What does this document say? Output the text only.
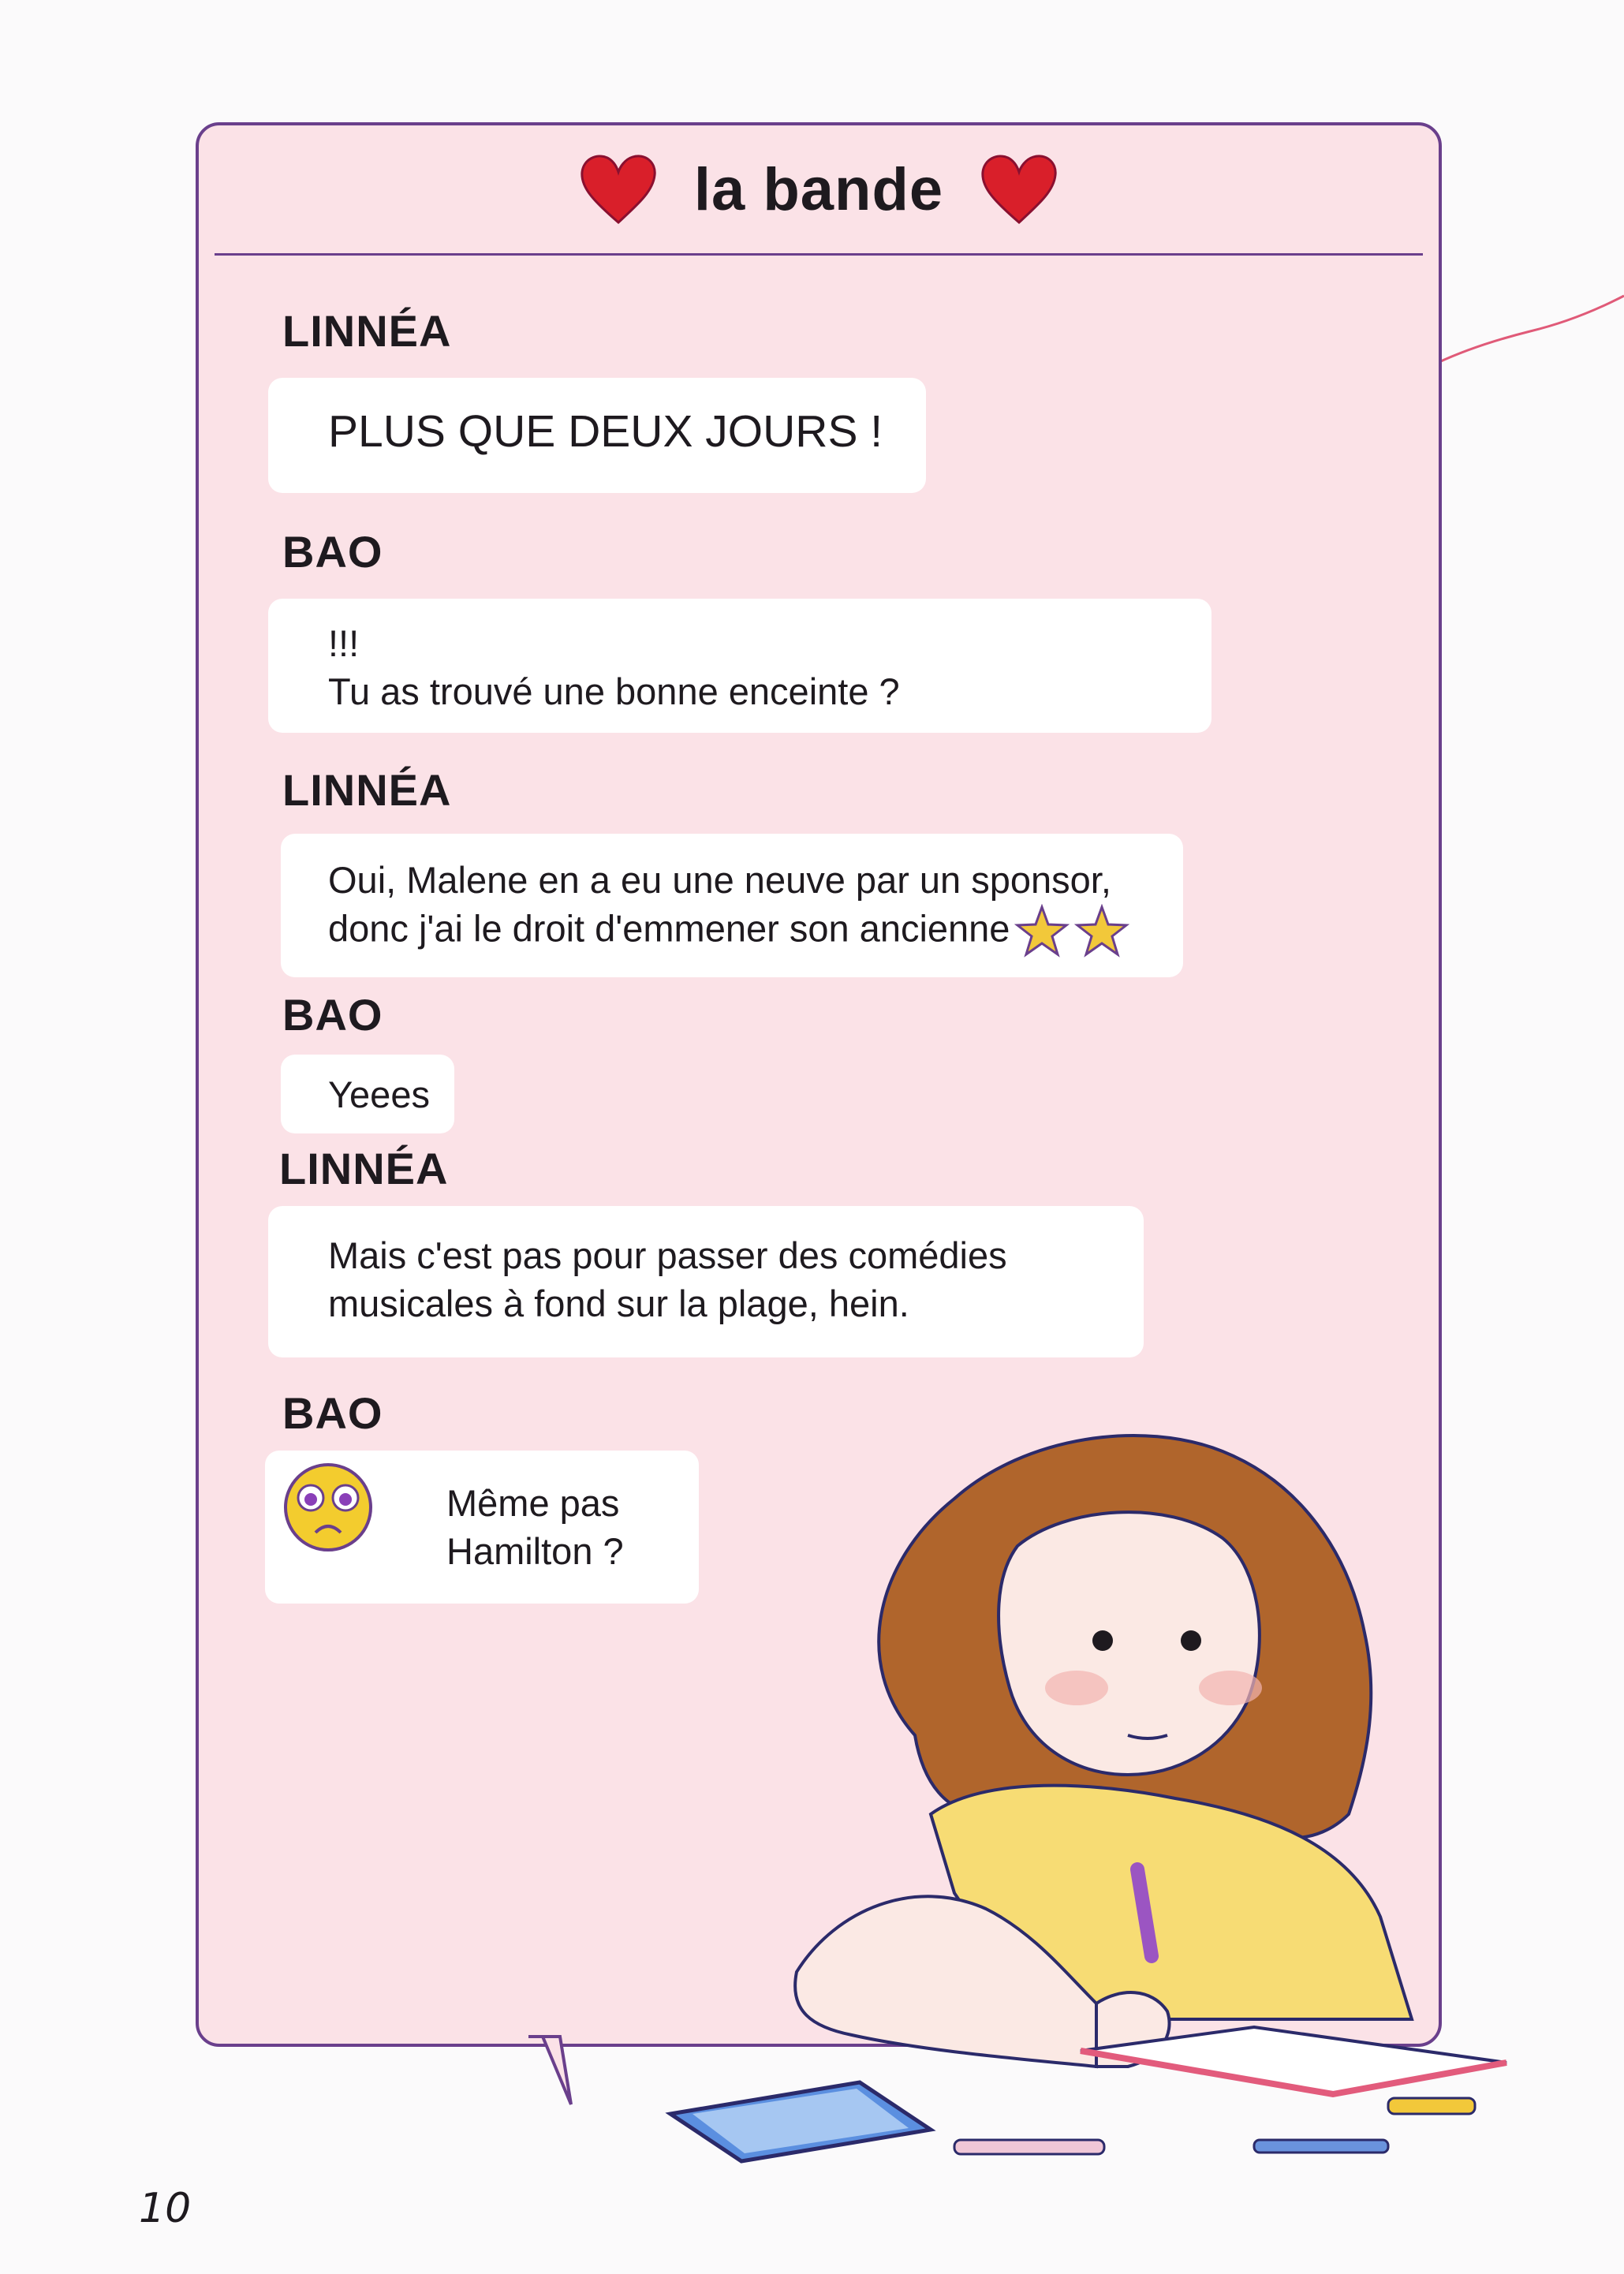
la bande
LINNÉA
PLUS QUE DEUX JOURS !
BAO
!!!
Tu as trouvé une bonne enceinte ?
LINNÉA
Oui, Malene en a eu une neuve par un sponsor,
donc j'ai le droit d'emmener son ancienne
BAO
Yeees
LINNÉA
Mais c'est pas pour passer des comédies
musicales à fond sur la plage, hein.
BAO
Même pas
Hamilton ?
10
